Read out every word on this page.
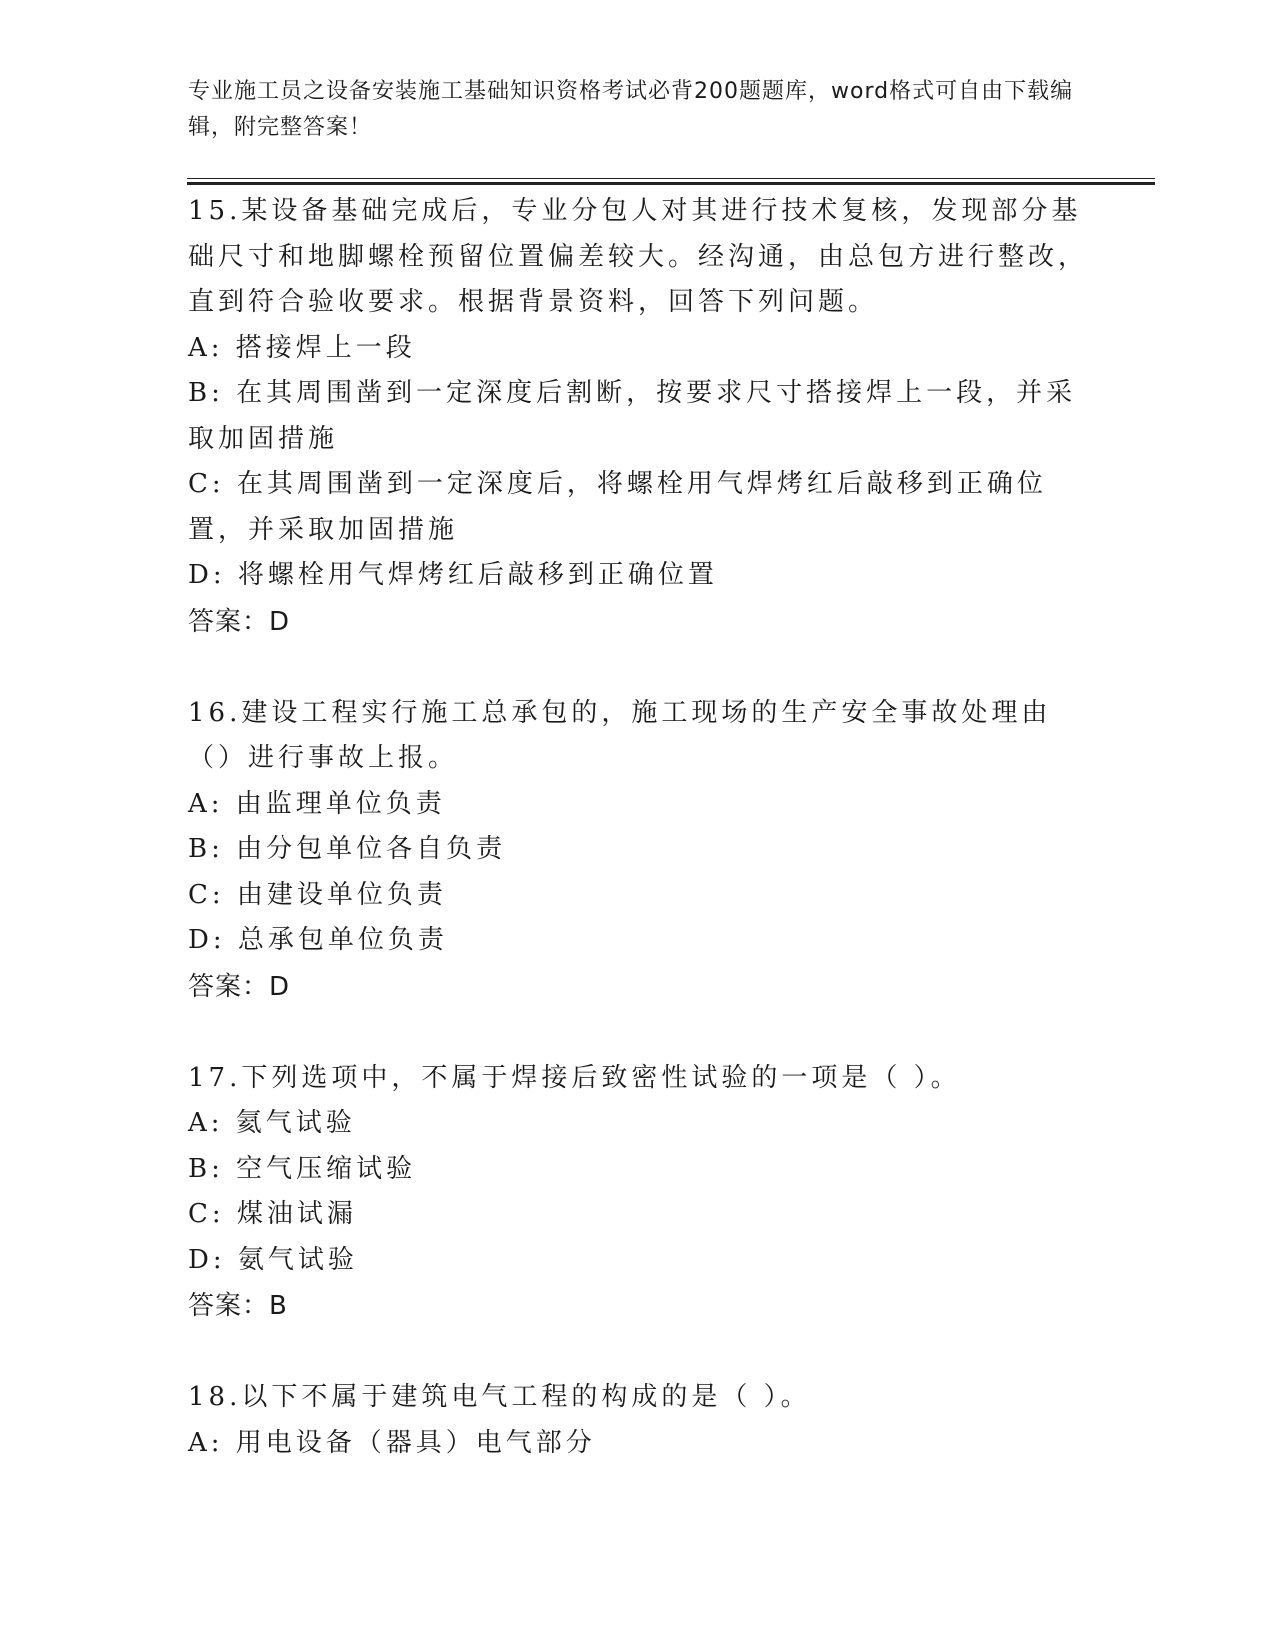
专业施工员之设备安装施工基础知识资格考试必背200题题库，word格式可自由下载编辑，附完整答案！
15.某设备基础完成后，专业分包人对其进行技术复核，发现部分基础尺寸和地脚螺栓预留位置偏差较大。经沟通，由总包方进行整改，直到符合验收要求。根据背景资料，回答下列问题。
A: 搭接焊上一段
B: 在其周围凿到一定深度后割断，按要求尺寸搭接焊上一段，并采取加固措施
C: 在其周围凿到一定深度后，将螺栓用气焊烤红后敲移到正确位置，并采取加固措施
D: 将螺栓用气焊烤红后敲移到正确位置
答案：D
16.建设工程实行施工总承包的，施工现场的生产安全事故处理由（）进行事故上报。
A: 由监理单位负责
B: 由分包单位各自负责
C: 由建设单位负责
D: 总承包单位负责
答案：D
17.下列选项中，不属于焊接后致密性试验的一项是（ ）。
A: 氦气试验
B: 空气压缩试验
C: 煤油试漏
D: 氨气试验
答案：B
18.以下不属于建筑电气工程的构成的是（ ）。
A: 用电设备（器具）电气部分
